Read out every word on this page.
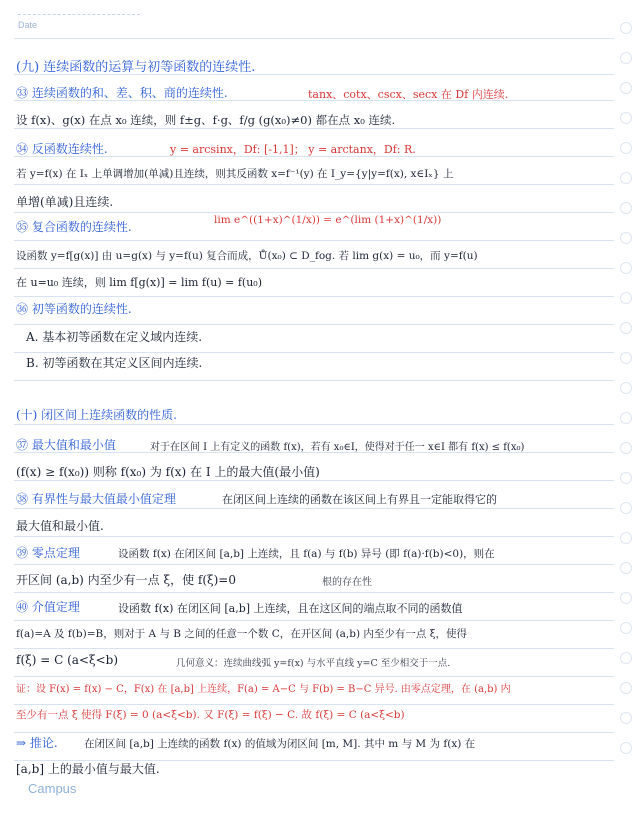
Date
(九) 连续函数的运算与初等函数的连续性.
㉝ 连续函数的和、差、积、商的连续性.	tanx、cotx、cscx、secx 在 Df 内连续.
设 f(x)、g(x) 在点 x₀ 连续，则 f±g、f·g、f/g (g(x₀)≠0) 都在点 x₀ 连续.
㉞ 反函数连续性.	y = arcsinx，Df: [-1,1]； y = arctanx，Df: R.
若 y=f(x) 在 Iₓ 上单调增加(单减)且连续，则其反函数 x=f⁻¹(y) 在 I_y={y|y=f(x), x∈Iₓ} 上
单增(单减)且连续.
㉟ 复合函数的连续性.	lim e^((1+x)^(1/x)) = e^(lim (1+x)^(1/x))
设函数 y=f[g(x)] 由 u=g(x) 与 y=f(u) 复合而成，Ů(x₀) ⊂ D_fog. 若 lim g(x) = u₀，而 y=f(u)
在 u=u₀ 连续，则 lim f[g(x)] = lim f(u) = f(u₀)
㊱ 初等函数的连续性.
A. 基本初等函数在定义域内连续.
B. 初等函数在其定义区间内连续.
(十) 闭区间上连续函数的性质.
㊲ 最大值和最小值	对于在区间 I 上有定义的函数 f(x)，若有 x₀∈I，使得对于任一 x∈I 都有 f(x) ≤ f(x₀)
(f(x) ≥ f(x₀)) 则称 f(x₀) 为 f(x) 在 I 上的最大值(最小值)
㊳ 有界性与最大值最小值定理	在闭区间上连续的函数在该区间上有界且一定能取得它的
最大值和最小值.
㊴ 零点定理	设函数 f(x) 在闭区间 [a,b] 上连续，且 f(a) 与 f(b) 异号 (即 f(a)·f(b)<0)，则在
开区间 (a,b) 内至少有一点 ξ，使 f(ξ)=0	根的存在性
㊵ 介值定理	设函数 f(x) 在闭区间 [a,b] 上连续，且在这区间的端点取不同的函数值
f(a)=A 及 f(b)=B，则对于 A 与 B 之间的任意一个数 C，在开区间 (a,b) 内至少有一点 ξ，使得
f(ξ) = C (a<ξ<b)	几何意义：连续曲线弧 y=f(x) 与水平直线 y=C 至少相交于一点.
证：设 F(x) = f(x) − C，F(x) 在 [a,b] 上连续，F(a) = A−C 与 F(b) = B−C 异号. 由零点定理，在 (a,b) 内
至少有一点 ξ 使得 F(ξ) = 0 (a<ξ<b). 又 F(ξ) = f(ξ) − C. 故 f(ξ) = C (a<ξ<b)
⇒ 推论.	在闭区间 [a,b] 上连续的函数 f(x) 的值域为闭区间 [m, M]. 其中 m 与 M 为 f(x) 在
[a,b] 上的最小值与最大值.
Campus
